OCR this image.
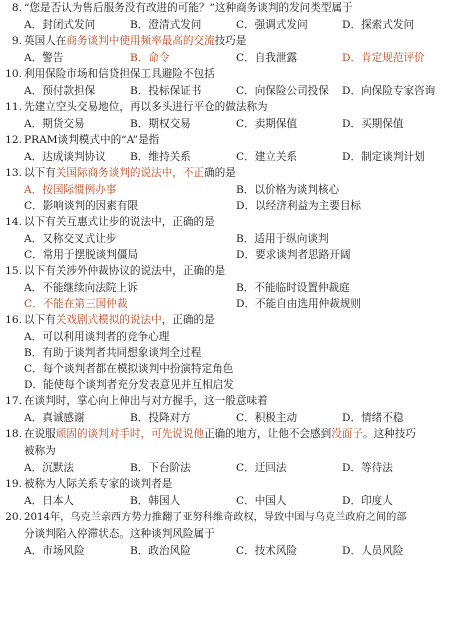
8. “您是否认为售后服务没有改进的可能？”这种商务谈判的发问类型属于
A．封闭式发问	B．澄清式发问	C．强调式发问	D．探索式发问
9. 英国人在商务谈判中使用频率最高的交流技巧是
A．警告	B．命令	C．自我泄露	D．肯定规范评价
10. 利用保险市场和信贷担保工具避险不包括
A．预付款担保	B．投标保证书	C．向保险公司投保	D．向保险专家咨询
11. 先建立空头交易地位，再以多头进行平仓的做法称为
A．期货交易	B．期权交易	C．卖期保值	D．买期保值
12. PRAM谈判模式中的“A”是指
A．达成谈判协议	B．维持关系	C．建立关系	D．制定谈判计划
13. 以下有关国际商务谈判的说法中，不正确的是
A．按国际惯例办事	B．以价格为谈判核心
C．影响谈判的因素有限	D．以经济利益为主要目标
14. 以下有关互惠式让步的说法中，正确的是
A．又称交叉式让步	B．适用于纵向谈判
C．常用于摆脱谈判僵局	D．要求谈判者思路开阔
15. 以下有关涉外仲裁协议的说法中，正确的是
A．不能继续向法院上诉	B．不能临时设置仲裁庭
C．不能在第三国仲裁	D．不能自由选用仲裁规则
16. 以下有关戏剧式模拟的说法中，正确的是
A．可以利用谈判者的竞争心理
B．有助于谈判者共同想象谈判全过程
C．每个谈判者都在模拟谈判中扮演特定角色
D．能使每个谈判者充分发表意见并互相启发
17. 在谈判时，掌心向上伸出与对方握手，这一般意味着
A．真诚感谢	B．投降对方	C．积极主动	D．情绪不稳
18. 在说服顽固的谈判对手时，可先说说他正确的地方，让他不会感到没面子。这种技巧
被称为
A．沉默法	B．下台阶法	C．迂回法	D．等待法
19. 被称为人际关系专家的谈判者是
A．日本人	B．韩国人	C．中国人	D．印度人
20. 2014年，乌克兰亲西方势力推翻了亚努科维奇政权，导致中国与乌克兰政府之间的部
分谈判陷入停滞状态。这种谈判风险属于
A．市场风险	B．政治风险	C．技术风险	D．人员风险
